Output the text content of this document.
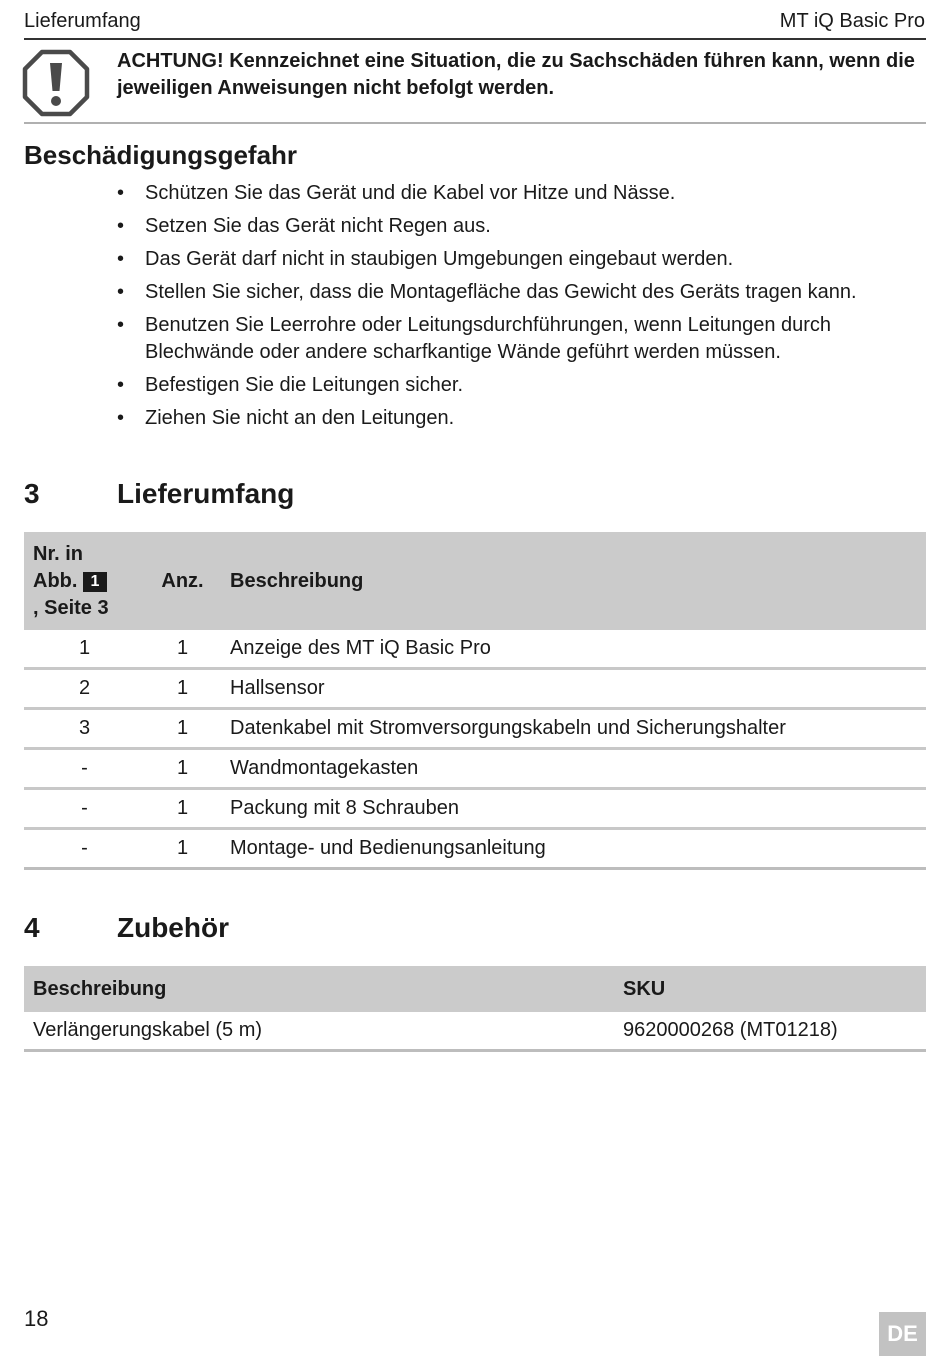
Lieferumfang	MT iQ Basic Pro
ACHTUNG! Kennzeichnet eine Situation, die zu Sachschäden führen kann, wenn die jeweiligen Anweisungen nicht befolgt werden.
Beschädigungsgefahr
• Schützen Sie das Gerät und die Kabel vor Hitze und Nässe.
• Setzen Sie das Gerät nicht Regen aus.
• Das Gerät darf nicht in staubigen Umgebungen eingebaut werden.
• Stellen Sie sicher, dass die Montagefläche das Gewicht des Geräts tragen kann.
• Benutzen Sie Leerrohre oder Leitungsdurchführungen, wenn Leitungen durch Blechwände oder andere scharfkantige Wände geführt werden müssen.
• Befestigen Sie die Leitungen sicher.
• Ziehen Sie nicht an den Leitungen.
3	Lieferumfang
Nr. in
Abb. 1
, Seite 3	Anz.	Beschreibung
1	1	Anzeige des MT iQ Basic Pro
2	1	Hallsensor
3	1	Datenkabel mit Stromversorgungskabeln und Sicherungshalter
-	1	Wandmontagekasten
-	1	Packung mit 8 Schrauben
-	1	Montage- und Bedienungsanleitung
4	Zubehör
Beschreibung	SKU
Verlängerungskabel (5 m)	9620000268 (MT01218)
18
DE
